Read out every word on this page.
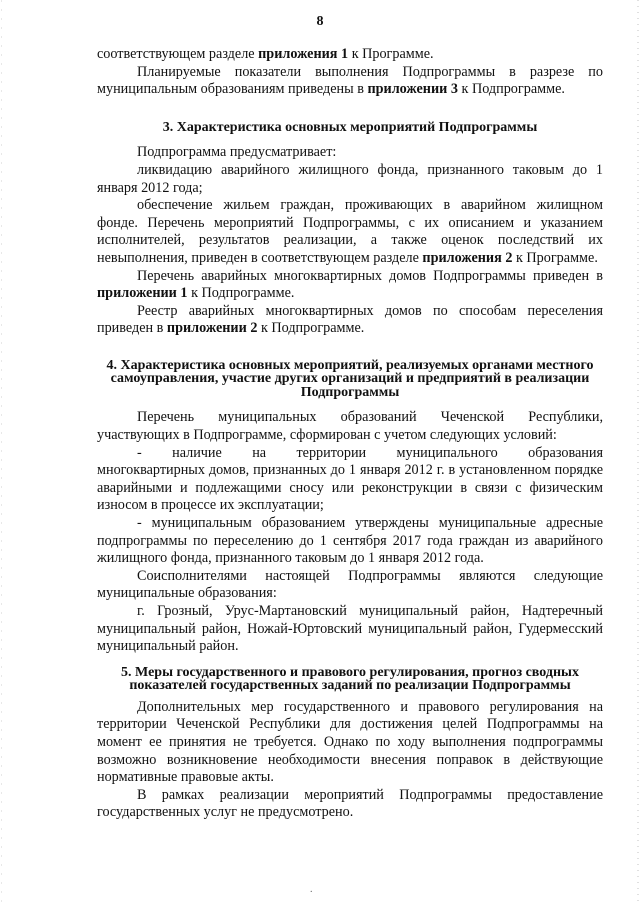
8

соответствующем разделе приложения 1 к Программе.

Планируемые показатели выполнения Подпрограммы в разрезе по муниципальным образованиям приведены в приложении 3 к Подпрограмме.

3. Характеристика основных мероприятий Подпрограммы

Подпрограмма предусматривает:

ликвидацию аварийного жилищного фонда, признанного таковым до 1 января 2012 года;

обеспечение жильем граждан, проживающих в аварийном жилищном фонде. Перечень мероприятий Подпрограммы, с их описанием и указанием исполнителей, результатов реализации, а также оценок последствий их невыполнения, приведен в соответствующем разделе приложения 2 к Программе.

Перечень аварийных многоквартирных домов Подпрограммы приведен в приложении 1 к Подпрограмме.

Реестр аварийных многоквартирных домов по способам переселения приведен в приложении 2 к Подпрограмме.

4. Характеристика основных мероприятий, реализуемых органами местного самоуправления, участие других организаций и предприятий в реализации Подпрограммы

Перечень муниципальных образований Чеченской Республики, участвующих в Подпрограмме, сформирован с учетом следующих условий:

- наличие на территории муниципального образования

многоквартирных домов, признанных до 1 января 2012 г. в установленном порядке аварийными и подлежащими сносу или реконструкции в связи с физическим износом в процессе их эксплуатации;

- муниципальным образованием утверждены муниципальные адресные подпрограммы по переселению до 1 сентября 2017 года граждан из аварийного жилищного фонда, признанного таковым до 1 января 2012 года.

Соисполнителями настоящей Подпрограммы являются следующие муниципальные образования:

г. Грозный, Урус-Мартановский муниципальный район, Надтеречный муниципальный район, Ножай-Юртовский муниципальный район, Гудермесский муниципальный район.

5. Меры государственного и правового регулирования, прогноз сводных показателей государственных заданий по реализации Подпрограммы

Дополнительных мер государственного и правового регулирования на территории Чеченской Республики для достижения целей Подпрограммы на момент ее принятия не требуется. Однако по ходу выполнения подпрограммы возможно возникновение необходимости внесения поправок в действующие нормативные правовые акты.

В рамках реализации мероприятий Подпрограммы предоставление государственных услуг не предусмотрено.

.
